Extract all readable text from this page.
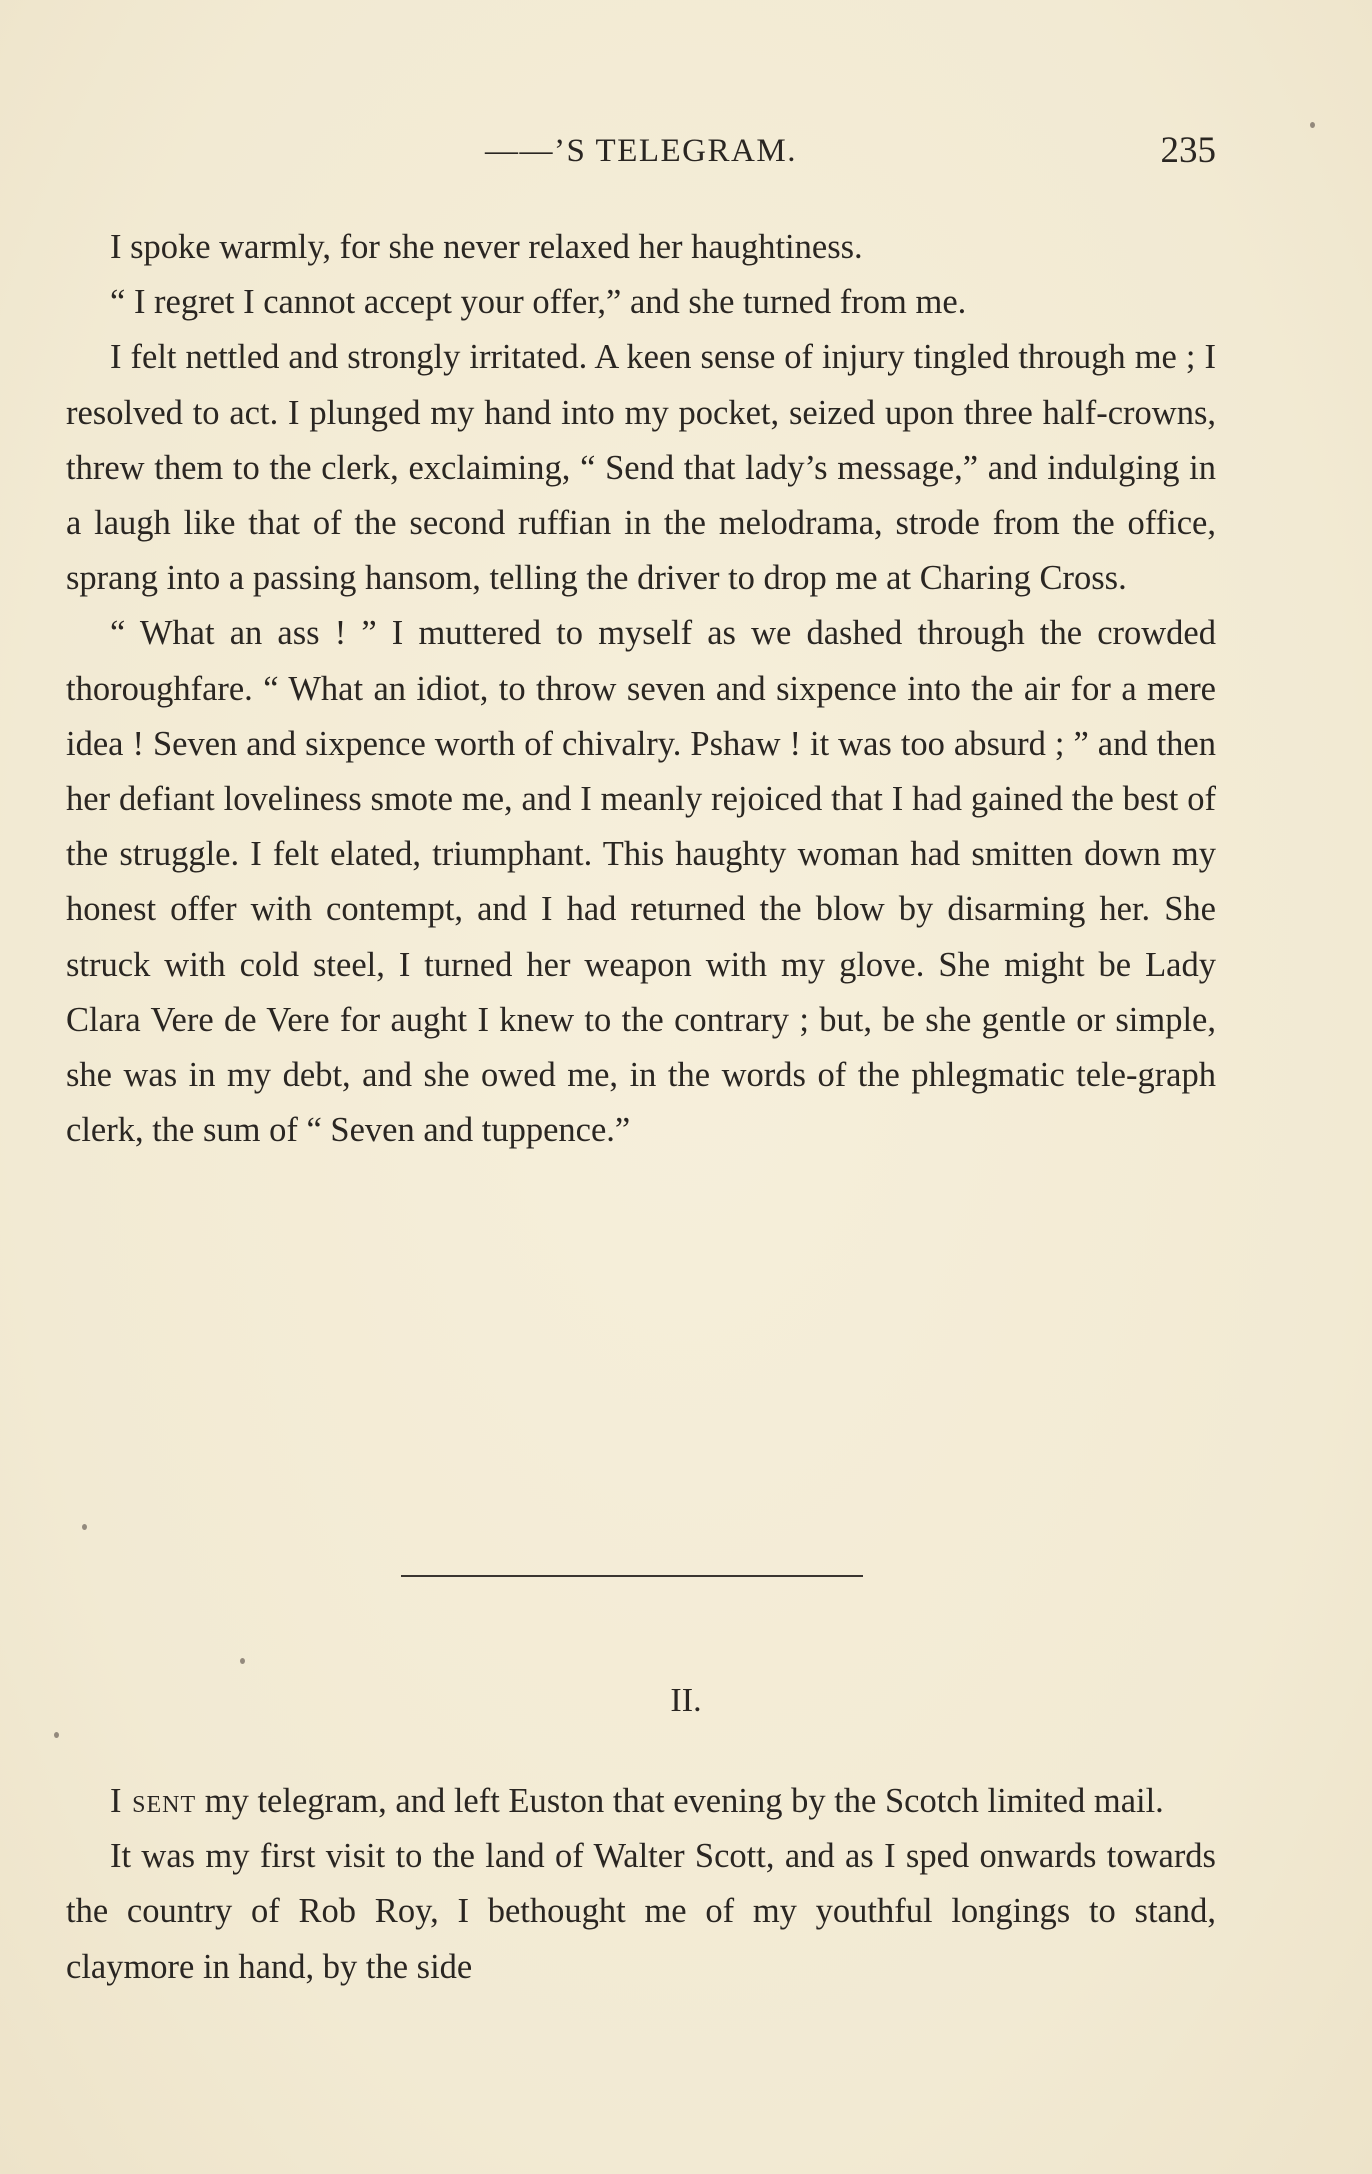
——’S TELEGRAM.	235

I spoke warmly, for she never relaxed her haughtiness.

“ I regret I cannot accept your offer,” and she turned from me.

I felt nettled and strongly irritated. A keen sense of injury tingled through me ; I resolved to act. I plunged my hand into my pocket, seized upon three half-crowns, threw them to the clerk, exclaiming, “ Send that lady’s message,” and indulging in a laugh like that of the second ruffian in the melodrama, strode from the office, sprang into a passing hansom, telling the driver to drop me at Charing Cross.

“ What an ass ! ” I muttered to myself as we dashed through the crowded thoroughfare. “ What an idiot, to throw seven and sixpence into the air for a mere idea ! Seven and sixpence worth of chivalry. Pshaw ! it was too absurd ; ” and then her defiant loveliness smote me, and I meanly rejoiced that I had gained the best of the struggle. I felt elated, triumphant. This haughty woman had smitten down my honest offer with contempt, and I had returned the blow by disarming her. She struck with cold steel, I turned her weapon with my glove. She might be Lady Clara Vere de Vere for aught I knew to the contrary ; but, be she gentle or simple, she was in my debt, and she owed me, in the words of the phlegmatic tele-graph clerk, the sum of “ Seven and tuppence.”

II.

I sent my telegram, and left Euston that evening by the Scotch limited mail.

It was my first visit to the land of Walter Scott, and as I sped onwards towards the country of Rob Roy, I bethought me of my youthful longings to stand, claymore in hand, by the side
